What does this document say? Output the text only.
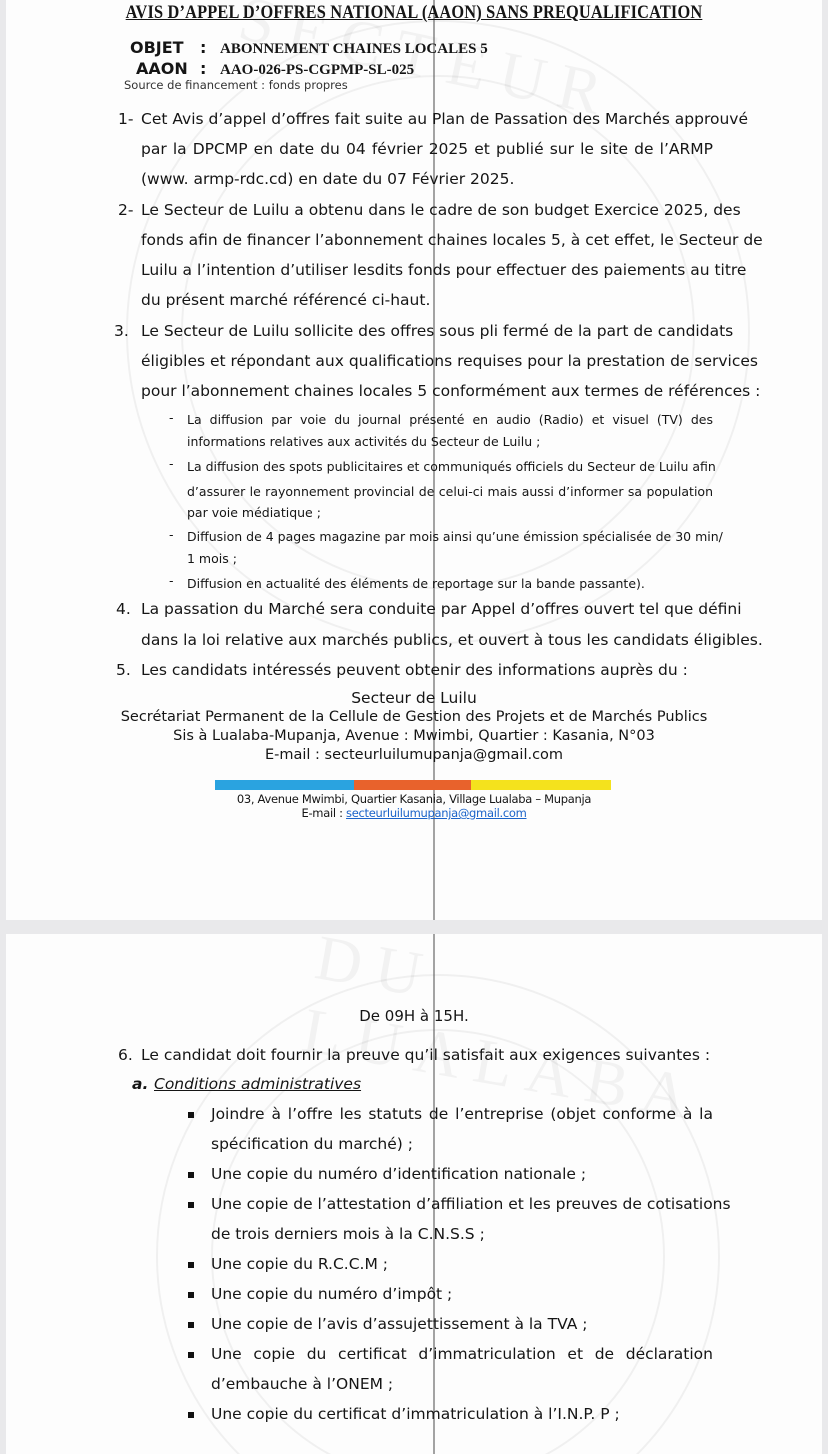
AVIS D’APPEL D’OFFRES NATIONAL (AAON) SANS PREQUALIFICATION
OBJET : ABONNEMENT CHAINES LOCALES 5
AAON : AAO-026-PS-CGPMP-SL-025
Source de financement : fonds propres
1- Cet Avis d’appel d’offres fait suite au Plan de Passation des Marchés approuvé
par la DPCMP en date du 04 février 2025 et publié sur le site de l’ARMP
(www. armp-rdc.cd) en date du 07 Février 2025.
2- Le Secteur de Luilu a obtenu dans le cadre de son budget Exercice 2025, des
fonds afin de financer l’abonnement chaines locales 5, à cet effet, le Secteur de
Luilu a l’intention d’utiliser lesdits fonds pour effectuer des paiements au titre
du présent marché référencé ci-haut.
3. Le Secteur de Luilu sollicite des offres sous pli fermé de la part de candidats
éligibles et répondant aux qualifications requises pour la prestation de services
pour l’abonnement chaines locales 5 conformément aux termes de références :
- La diffusion par voie du journal présenté en audio (Radio) et visuel (TV) des
informations relatives aux activités du Secteur de Luilu ;
- La diffusion des spots publicitaires et communiqués officiels du Secteur de Luilu afin
d’assurer le rayonnement provincial de celui-ci mais aussi d’informer sa population
par voie médiatique ;
- Diffusion de 4 pages magazine par mois ainsi qu’une émission spécialisée de 30 min/
1 mois ;
- Diffusion en actualité des éléments de reportage sur la bande passante).
4. La passation du Marché sera conduite par Appel d’offres ouvert tel que défini
dans la loi relative aux marchés publics, et ouvert à tous les candidats éligibles.
5. Les candidats intéressés peuvent obtenir des informations auprès du :
Secteur de Luilu
Secrétariat Permanent de la Cellule de Gestion des Projets et de Marchés Publics
Sis à Lualaba-Mupanja, Avenue : Mwimbi, Quartier : Kasania, N°03
E-mail : secteurluilumupanja@gmail.com
03, Avenue Mwimbi, Quartier Kasania, Village Lualaba – Mupanja
E-mail : secteurluilumupanja@gmail.com
De 09H à 15H.
6. Le candidat doit fournir la preuve qu’il satisfait aux exigences suivantes :
a. Conditions administratives
Joindre à l’offre les statuts de l’entreprise (objet conforme à la
spécification du marché) ;
Une copie du numéro d’identification nationale ;
Une copie de l’attestation d’affiliation et les preuves de cotisations
de trois derniers mois à la C.N.S.S ;
Une copie du R.C.C.M ;
Une copie du numéro d’impôt ;
Une copie de l’avis d’assujettissement à la TVA ;
Une copie du certificat d’immatriculation et de déclaration
d’embauche à l’ONEM ;
Une copie du certificat d’immatriculation à l’I.N.P. P ;
